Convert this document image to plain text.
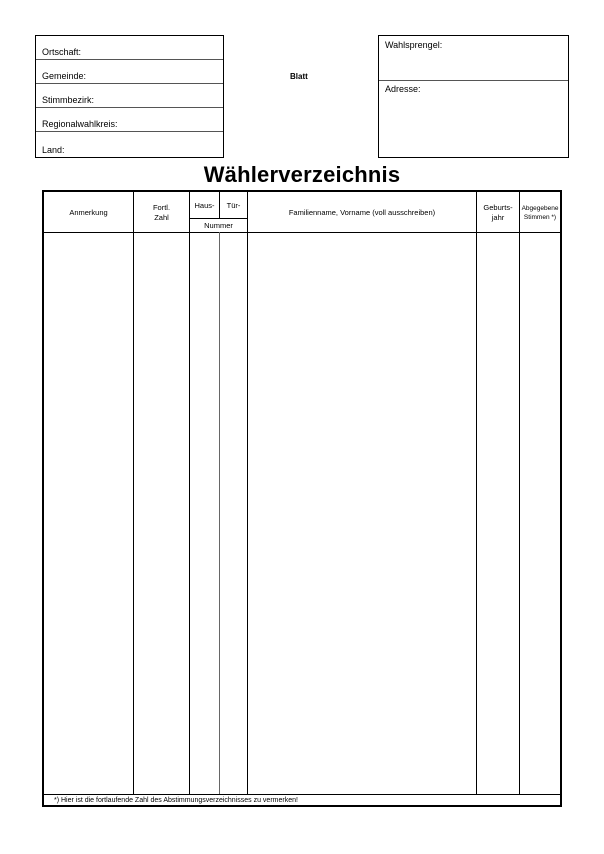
Ortschaft:
Gemeinde:
Stimmbezirk:
Regionalwahlkreis:
Land:
Blatt
Wahlsprengel:
Adresse:
Wählerverzeichnis
Anmerkung
Fortl.
Zahl
Haus-	Tür-
Nummer
Familienname, Vorname (voll ausschreiben)
Geburts-
jahr
Abgegebene
Stimmen *)
*) Hier ist die fortlaufende Zahl des Abstimmungsverzeichnisses zu vermerken!
